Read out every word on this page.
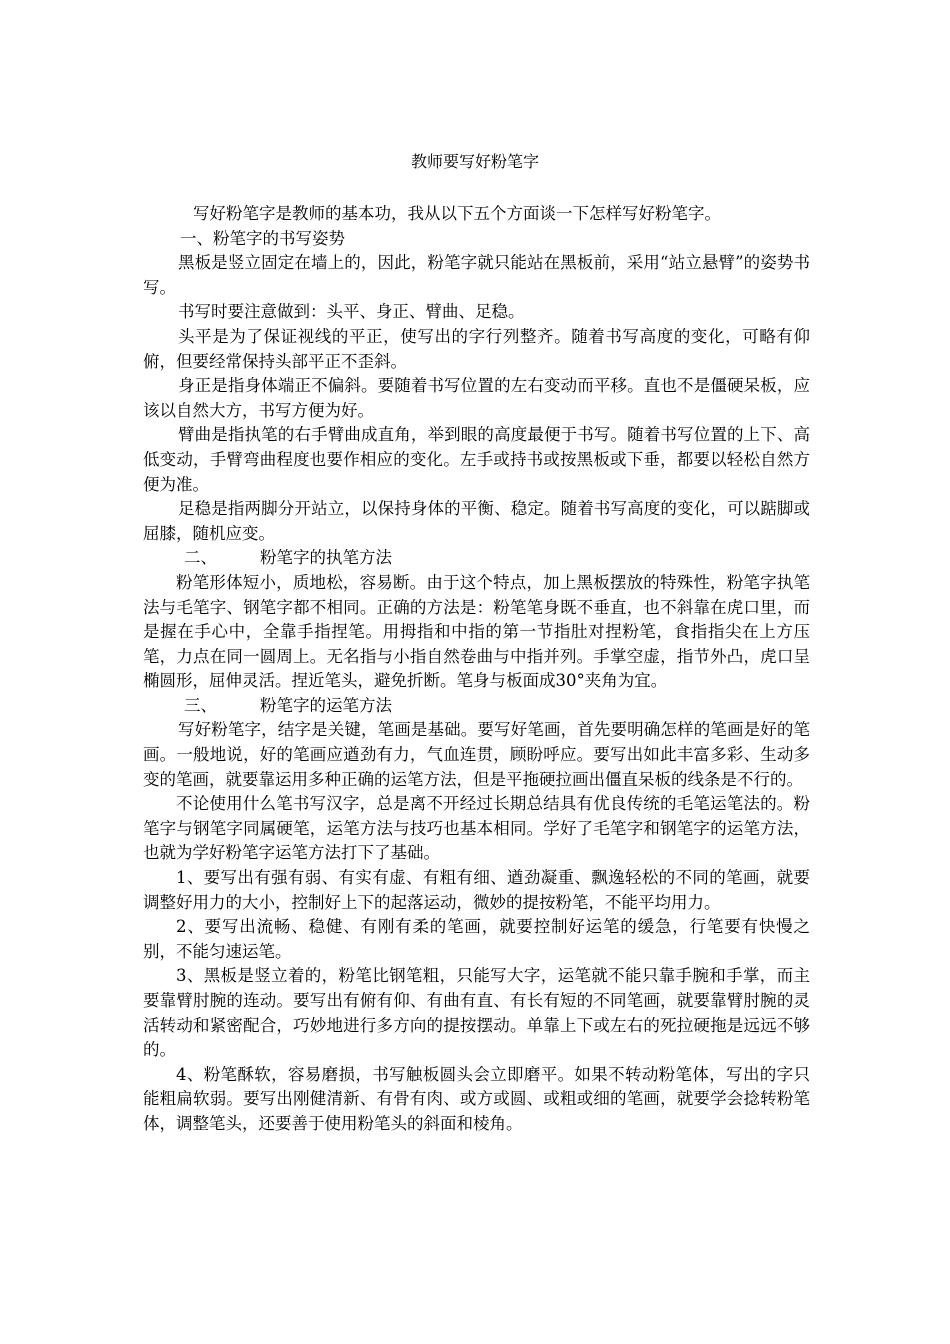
教师要写好粉笔字

写好粉笔字是教师的基本功，我从以下五个方面谈一下怎样写好粉笔字。

一、粉笔字的书写姿势

黑板是竖立固定在墙上的，因此，粉笔字就只能站在黑板前，采用“站立悬臂”的姿势书写。

书写时要注意做到：头平、身正、臂曲、足稳。

头平是为了保证视线的平正，使写出的字行列整齐。随着书写高度的变化，可略有仰俯，但要经常保持头部平正不歪斜。

身正是指身体端正不偏斜。要随着书写位置的左右变动而平移。直也不是僵硬呆板，应该以自然大方，书写方便为好。

臂曲是指执笔的右手臂曲成直角，举到眼的高度最便于书写。随着书写位置的上下、高低变动，手臂弯曲程度也要作相应的变化。左手或持书或按黑板或下垂，都要以轻松自然方便为准。

足稳是指两脚分开站立，以保持身体的平衡、稳定。随着书写高度的变化，可以踮脚或屈膝，随机应变。

二、	粉笔字的执笔方法

粉笔形体短小，质地松，容易断。由于这个特点，加上黑板摆放的特殊性，粉笔字执笔法与毛笔字、钢笔字都不相同。正确的方法是：粉笔笔身既不垂直，也不斜靠在虎口里，而是握在手心中，全靠手指捏笔。用拇指和中指的第一节指肚对捏粉笔，食指指尖在上方压笔，力点在同一圆周上。无名指与小指自然卷曲与中指并列。手掌空虚，指节外凸，虎口呈椭圆形，屈伸灵活。捏近笔头，避免折断。笔身与板面成30°夹角为宜。

三、	粉笔字的运笔方法

写好粉笔字，结字是关键，笔画是基础。要写好笔画，首先要明确怎样的笔画是好的笔画。一般地说，好的笔画应遒劲有力，气血连贯，顾盼呼应。要写出如此丰富多彩、生动多变的笔画，就要靠运用多种正确的运笔方法，但是平拖硬拉画出僵直呆板的线条是不行的。

不论使用什么笔书写汉字，总是离不开经过长期总结具有优良传统的毛笔运笔法的。粉笔字与钢笔字同属硬笔，运笔方法与技巧也基本相同。学好了毛笔字和钢笔字的运笔方法，也就为学好粉笔字运笔方法打下了基础。

1、要写出有强有弱、有实有虚、有粗有细、遒劲凝重、飘逸轻松的不同的笔画，就要调整好用力的大小，控制好上下的起落运动，微妙的提按粉笔，不能平均用力。

2、要写出流畅、稳健、有刚有柔的笔画，就要控制好运笔的缓急，行笔要有快慢之别，不能匀速运笔。

3、黑板是竖立着的，粉笔比钢笔粗，只能写大字，运笔就不能只靠手腕和手掌，而主要靠臂肘腕的连动。要写出有俯有仰、有曲有直、有长有短的不同笔画，就要靠臂肘腕的灵活转动和紧密配合，巧妙地进行多方向的提按摆动。单靠上下或左右的死拉硬拖是远远不够的。

4、粉笔酥软，容易磨损，书写触板圆头会立即磨平。如果不转动粉笔体，写出的字只能粗扁软弱。要写出刚健清新、有骨有肉、或方或圆、或粗或细的笔画，就要学会捻转粉笔体，调整笔头，还要善于使用粉笔头的斜面和棱角。
